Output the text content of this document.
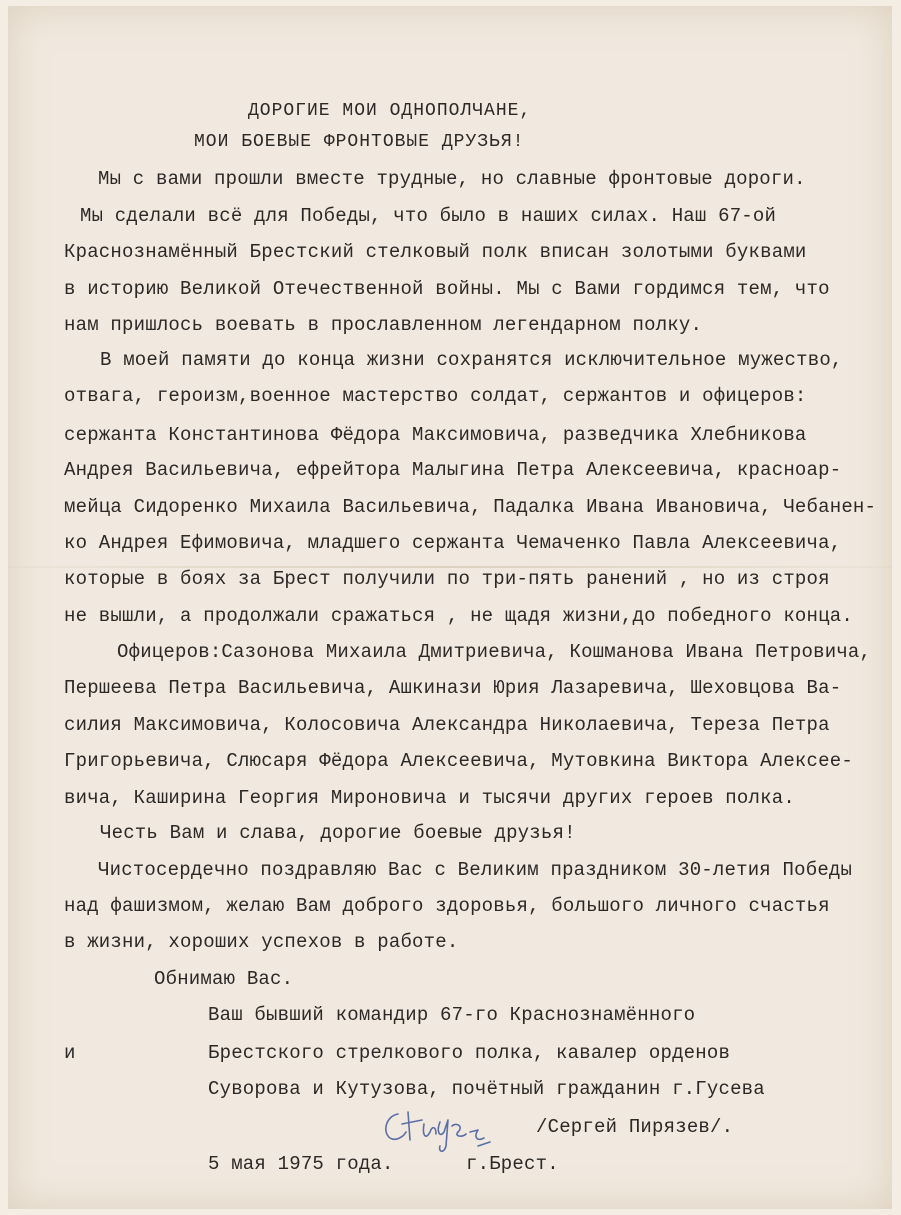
ДОРОГИЕ МОИ ОДНОПОЛЧАНЕ,
МОИ БОЕВЫЕ ФРОНТОВЫЕ ДРУЗЬЯ!
Мы с вами прошли вместе трудные, но славные фронтовые дороги.
Мы сделали всё для Победы, что было в наших силах. Наш 67-ой
Краснознамённый Брестский стелковый полк вписан золотыми буквами
в историю Великой Отечественной войны. Мы с Вами гордимся тем, что
нам пришлось воевать в прославленном легендарном полку.
В моей памяти до конца жизни сохранятся исключительное мужество,
отвага, героизм,военное мастерство солдат, сержантов и офицеров:
сержанта Константинова Фёдора Максимовича, разведчика Хлебникова
Андрея Васильевича, ефрейтора Малыгина Петра Алексеевича, красноар-
мейца Сидоренко Михаила Васильевича, Падалка Ивана Ивановича, Чебанен-
ко Андрея Ефимовича, младшего сержанта Чемаченко Павла Алексеевича,
которые в боях за Брест получили по три-пять ранений , но из строя
не вышли, а продолжали сражаться , не щадя жизни,до победного конца.
Офицеров:Сазонова Михаила Дмитриевича, Кошманова Ивана Петровича,
Першеева Петра Васильевича, Ашкинази Юрия Лазаревича, Шеховцова Ва-
силия Максимовича, Колосовича Александра Николаевича, Тереза Петра
Григорьевича, Слюсаря Фёдора Алексеевича, Мутовкина Виктора Алексее-
вича, Каширина Георгия Мироновича и тысячи других героев полка.
Честь Вам и слава, дорогие боевые друзья!
Чистосердечно поздравляю Вас с Великим праздником 30-летия Победы
над фашизмом, желаю Вам доброго здоровья, большого личного счастья
в жизни, хороших успехов в работе.
Обнимаю Вас.
Ваш бывший командир 67-го Краснознамённого
и	Брестского стрелкового полка, кавалер орденов
Суворова и Кутузова, почётный гражданин г.Гусева
/Сергей Пирязев/.
5 мая 1975 года.	г.Брест.
